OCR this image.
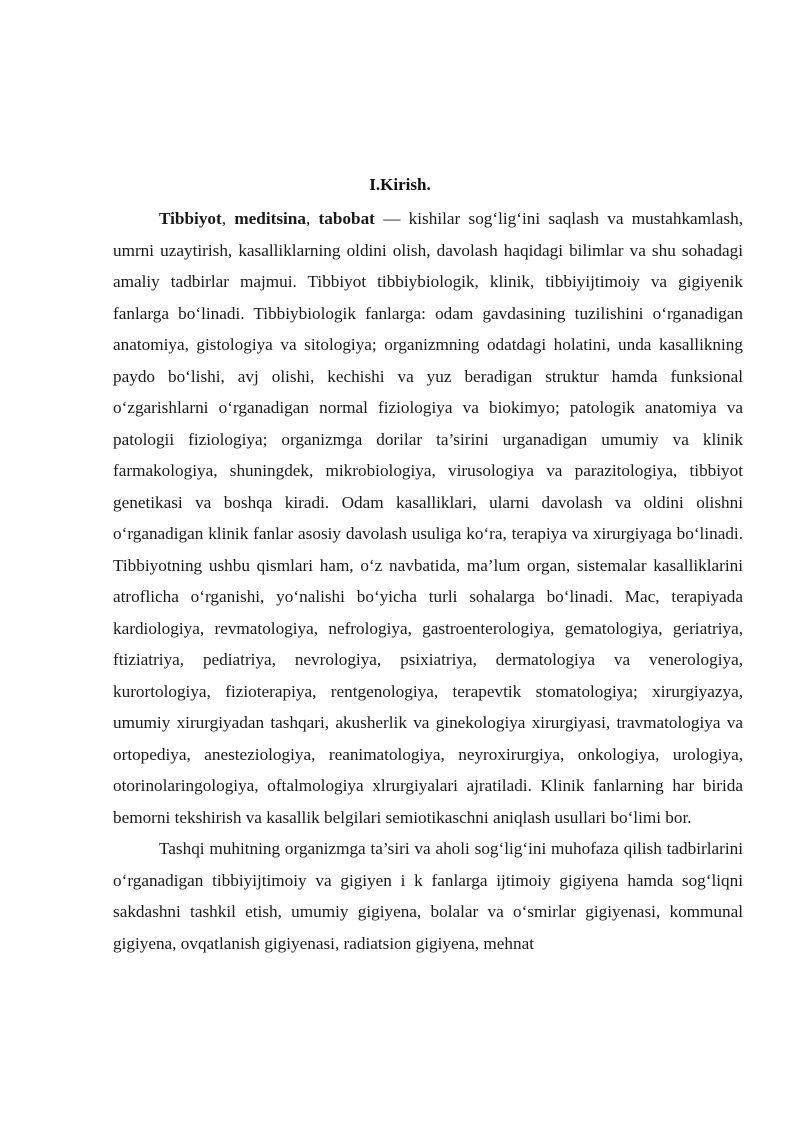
I.Kirish.

Tibbiyot, meditsina, tabobat — kishilar sog‘lig‘ini saqlash va mustahkamlash, umrni uzaytirish, kasalliklarning oldini olish, davolash haqidagi bilimlar va shu sohadagi amaliy tadbirlar majmui. Tibbiyot tibbiybiologik, klinik, tibbiyijtimoiy va gigiyenik fanlarga bo‘linadi. Tibbiybiologik fanlarga: odam gavdasining tuzilishini o‘rganadigan anatomiya, gistologiya va sitologiya; organizmning odatdagi holatini, unda kasallikning paydo bo‘lishi, avj olishi, kechishi va yuz beradigan struktur hamda funksional o‘zgarishlarni o‘rganadigan normal fiziologiya va biokimyo; patologik anatomiya va patologii fiziologiya; organizmga dorilar ta’sirini urganadigan umumiy va klinik farmakologiya, shuningdek, mikrobiologiya, virusologiya va parazitologiya, tibbiyot genetikasi va boshqa kiradi. Odam kasalliklari, ularni davolash va oldini olishni o‘rganadigan klinik fanlar asosiy davolash usuliga ko‘ra, terapiya va xirurgiyaga bo‘linadi. Tibbiyotning ushbu qismlari ham, o‘z navbatida, ma’lum organ, sistemalar kasalliklarini atroflicha o‘rganishi, yo‘nalishi bo‘yicha turli sohalarga bo‘linadi. Mac, terapiyada kardiologiya, revmatologiya, nefrologiya, gastroenterologiya, gematologiya, geriatriya, ftiziatriya, pediatriya, nevrologiya, psixiatriya, dermatologiya va venerologiya, kurortologiya, fizioterapiya, rentgenologiya, terapevtik stomatologiya; xirurgiyazya, umumiy xirurgiyadan tashqari, akusherlik va ginekologiya xirurgiyasi, travmatologiya va ortopediya, anesteziologiya, reanimatologiya, neyroxirurgiya, onkologiya, urologiya, otorinolaringologiya, oftalmologiya xlrurgiyalari ajratiladi. Klinik fanlarning har birida bemorni tekshirish va kasallik belgilari semiotikaschni aniqlash usullari bo‘limi bor.

Tashqi muhitning organizmga ta’siri va aholi sog‘lig‘ini muhofaza qilish tadbirlarini o‘rganadigan tibbiyijtimoiy va gigiyen i k fanlarga ijtimoiy gigiyena hamda sog‘liqni sakdashni tashkil etish, umumiy gigiyena, bolalar va o‘smirlar gigiyenasi, kommunal gigiyena, ovqatlanish gigiyenasi, radiatsion gigiyena, mehnat
